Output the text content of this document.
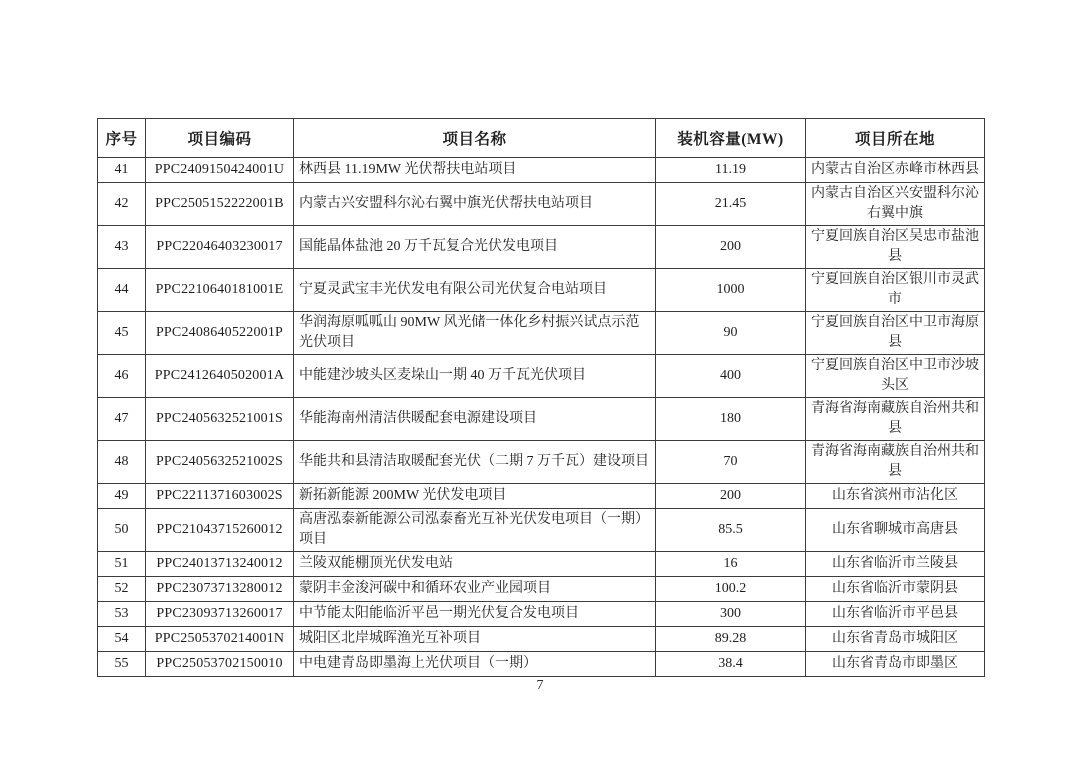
序号	项目编码	项目名称	装机容量(MW)	项目所在地
41	PPC2409150424001U	林西县 11.19MW 光伏帮扶电站项目	11.19	内蒙古自治区赤峰市林西县
42	PPC2505152222001B	内蒙古兴安盟科尔沁右翼中旗光伏帮扶电站项目	21.45	内蒙古自治区兴安盟科尔沁右翼中旗
43	PPC22046403230017	国能晶体盐池 20 万千瓦复合光伏发电项目	200	宁夏回族自治区吴忠市盐池县
44	PPC2210640181001E	宁夏灵武宝丰光伏发电有限公司光伏复合电站项目	1000	宁夏回族自治区银川市灵武市
45	PPC2408640522001P	华润海原呱呱山 90MW 风光储一体化乡村振兴试点示范光伏项目	90	宁夏回族自治区中卫市海原县
46	PPC2412640502001A	中能建沙坡头区麦垛山一期 40 万千瓦光伏项目	400	宁夏回族自治区中卫市沙坡头区
47	PPC2405632521001S	华能海南州清洁供暖配套电源建设项目	180	青海省海南藏族自治州共和县
48	PPC2405632521002S	华能共和县清洁取暖配套光伏（二期 7 万千瓦）建设项目	70	青海省海南藏族自治州共和县
49	PPC2211371603002S	新拓新能源 200MW 光伏发电项目	200	山东省滨州市沾化区
50	PPC21043715260012	高唐泓泰新能源公司泓泰畜光互补光伏发电项目（一期）项目	85.5	山东省聊城市高唐县
51	PPC24013713240012	兰陵双能棚顶光伏发电站	16	山东省临沂市兰陵县
52	PPC23073713280012	蒙阴丰金浚河碳中和循环农业产业园项目	100.2	山东省临沂市蒙阴县
53	PPC23093713260017	中节能太阳能临沂平邑一期光伏复合发电项目	300	山东省临沂市平邑县
54	PPC2505370214001N	城阳区北岸城晖渔光互补项目	89.28	山东省青岛市城阳区
55	PPC25053702150010	中电建青岛即墨海上光伏项目（一期）	38.4	山东省青岛市即墨区
7
